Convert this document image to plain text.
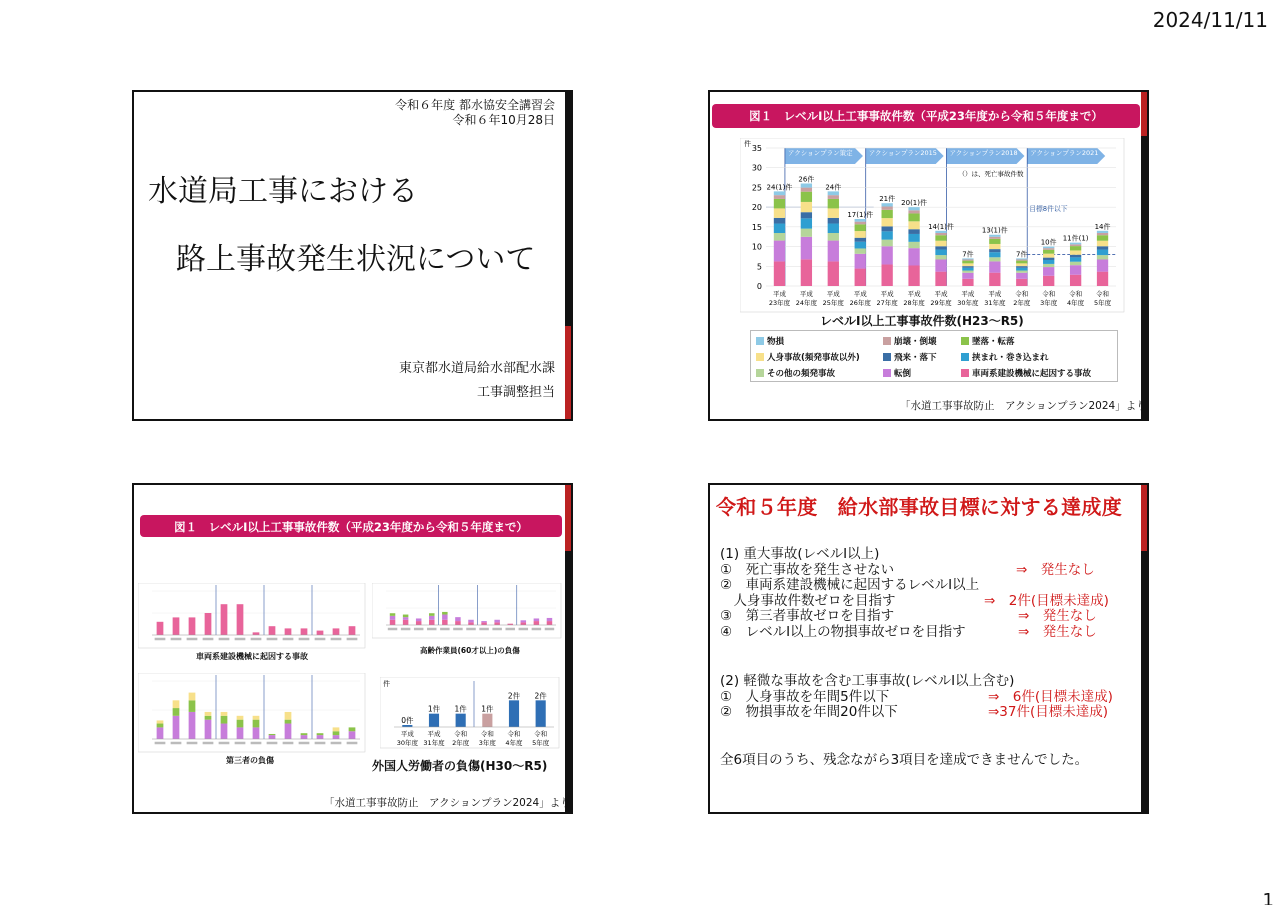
2024/11/11
令和６年度 都水協安全講習会
令和６年10月28日
水道局工事における
路上事故発生状況について
東京都水道局給水部配水課
工事調整担当
図１　レベルⅠ以上工事事故件数（平成23年度から令和５年度まで）
アクションプラン策定 アクションプラン2015 アクションプラン2018 アクションプラン2021
（）は、死亡事故件数
目標8件以下
件
0
5
10
15
20
25
30
35
24(1)件
26件
24件
17(1)件
21件 20(1)件
14(1)件
7件
13(1)件
7件
10件 11件(1)
14件
平成
23年度
平成
24年度
平成
25年度
平成
26年度
平成
27年度
平成
28年度
平成
29年度
平成
30年度
平成
31年度
令和
2年度
令和
3年度
令和
4年度
令和
5年度
レベルⅠ以上工事事故件数(H23～R5)
物損	崩壊・倒壊	墜落・転落
人身事故(頻発事故以外)	飛来・落下	挟まれ・巻き込まれ
その他の頻発事故	転倒	車両系建設機械に起因する事故
「水道工事事故防止　アクションプラン2024」より
図１　レベルⅠ以上工事事故件数（平成23年度から令和５年度まで）
車両系建設機械に起因する事故
高齢作業員(60才以上)の負傷
第三者の負傷
件
0件
平成
30年度
1件
平成
31年度
1件
令和
2年度
1件
令和
3年度
2件
令和
4年度
2件
令和
5年度
外国人労働者の負傷(H30～R5)
「水道工事事故防止　アクションプラン2024」より
令和５年度　給水部事故目標に対する達成度
(1) 重大事故(レベルⅠ以上)
①　死亡事故を発生させない	⇒　発生なし
②　車両系建設機械に起因するレベルⅠ以上
　人身事故件数ゼロを目指す	⇒　2件(目標未達成)
③　第三者事故ゼロを目指す	⇒　発生なし
④　レベルⅠ以上の物損事故ゼロを目指す	⇒　発生なし
(2) 軽微な事故を含む工事事故(レベルⅠ以上含む)
①　人身事故を年間5件以下	⇒　6件(目標未達成)
②　物損事故を年間20件以下	⇒37件(目標未達成)
全6項目のうち、残念ながら3項目を達成できませんでした。
1
